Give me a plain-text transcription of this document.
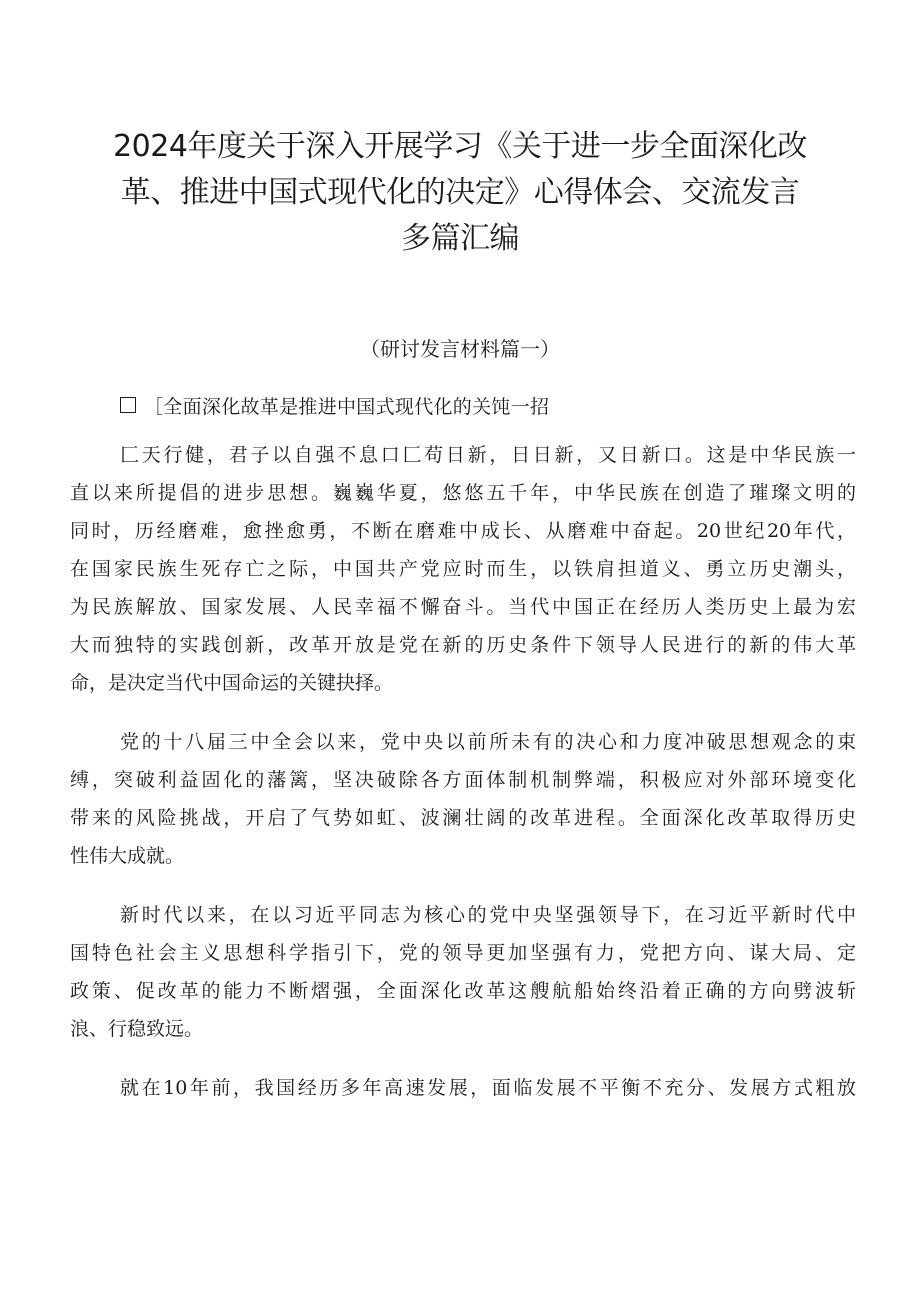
2024年度关于深入开展学习《关于进一步全面深化改
革、推进中国式现代化的决定》心得体会、交流发言
多篇汇编
（研讨发言材料篇一）
［全面深化故革是推进中国式现代化的关饨一招
匚天行健，君子以自强不息口匚苟日新，日日新，又日新口。这是中华民族一
直以来所提倡的进步思想。巍巍华夏，悠悠五千年，中华民族在创造了璀璨文明的
同时，历经磨难，愈挫愈勇，不断在磨难中成长、从磨难中奋起。20世纪20年代，
在国家民族生死存亡之际，中国共产党应时而生，以铁肩担道义、勇立历史潮头，
为民族解放、国家发展、人民幸福不懈奋斗。当代中国正在经历人类历史上最为宏
大而独特的实践创新，改革开放是党在新的历史条件下领导人民进行的新的伟大革
命，是决定当代中国命运的关键抉择。
党的十八届三中全会以来，党中央以前所未有的决心和力度冲破思想观念的束
缚，突破利益固化的藩篱，坚决破除各方面体制机制弊端，积极应对外部环境变化
带来的风险挑战，开启了气势如虹、波澜壮阔的改革进程。全面深化改革取得历史
性伟大成就。
新时代以来，在以习近平同志为核心的党中央坚强领导下，在习近平新时代中
国特色社会主义思想科学指引下，党的领导更加坚强有力，党把方向、谋大局、定
政策、促改革的能力不断熠强，全面深化改革这艘航船始终沿着正确的方向劈波斩
浪、行稳致远。
就在10年前，我国经历多年高速发展，面临发展不平衡不充分、发展方式粗放
